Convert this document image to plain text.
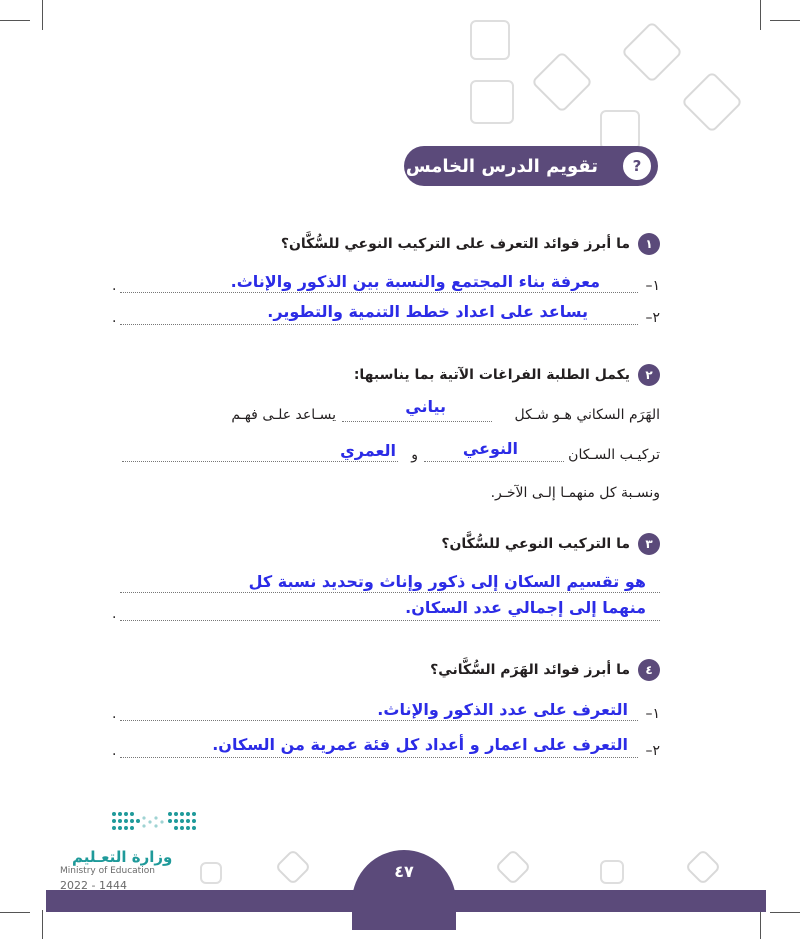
تقويم الدرس الخامس ?
١
ما أبرز فوائد التعرف على التركيب النوعي للسُّكَّان؟
١–
.	معرفة بناء المجتمع والنسبة بين الذكور والإناث.
٢–
.	يساعد على اعداد خطط التنمية والتطوير.
٢
يكمل الطلبة الفراغات الآتية بما يناسبها:
الهَرَم السكاني هـو شـكل
بياني
يسـاعد علـى فهـم
تركيـب السـكان
النوعي
و
العمري
ونسـبة كل منهمـا إلـى الآخـر.
٣
ما التركيب النوعي للسُّكَّان؟
هو تقسيم السكان إلى ذكور وإناث وتحديد نسبة كل
.	منهما إلى إجمالي عدد السكان.
٤
ما أبرز فوائد الهَرَم السُّكَّاني؟
١–
.	التعرف على عدد الذكور والإناث.
٢–
.	التعرف على اعمار و أعداد كل فئة عمرية من السكان.
٤٧
وزارة التعـليم
Ministry of Education
2022 - 1444
